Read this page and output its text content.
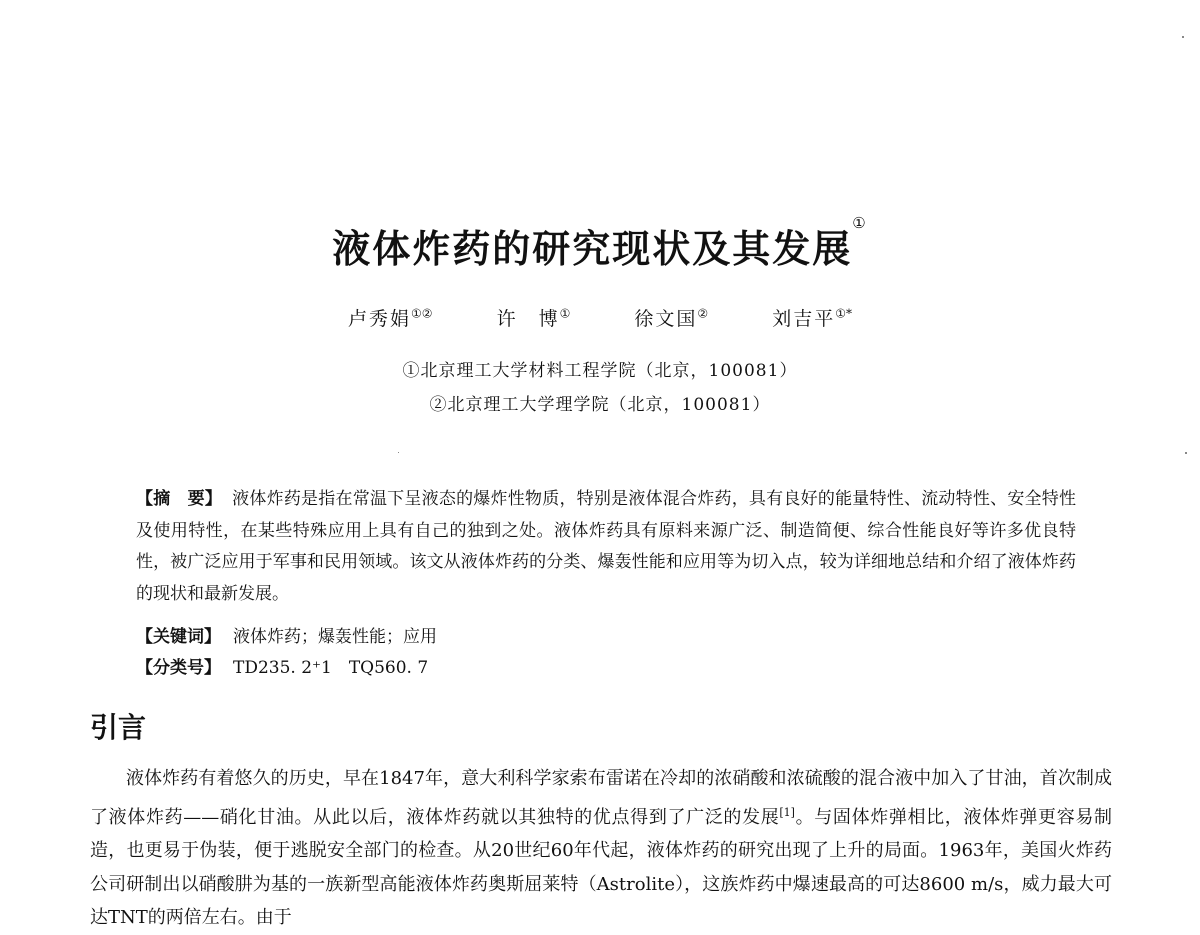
液体炸药的研究现状及其发展①
卢秀娟①②	许　博①	徐文国②	刘吉平①*
①北京理工大学材料工程学院（北京，100081）
②北京理工大学理学院（北京，100081）
【摘　要】 液体炸药是指在常温下呈液态的爆炸性物质，特别是液体混合炸药，具有良好的能量特性、流动特性、安全特性及使用特性，在某些特殊应用上具有自己的独到之处。液体炸药具有原料来源广泛、制造简便、综合性能良好等许多优良特性，被广泛应用于军事和民用领域。该文从液体炸药的分类、爆轰性能和应用等为切入点，较为详细地总结和介绍了液体炸药的现状和最新发展。
【关键词】 液体炸药；爆轰性能；应用
【分类号】 TD235. 2⁺1　TQ560. 7
引言
液体炸药有着悠久的历史，早在1847年，意大利科学家索布雷诺在冷却的浓硝酸和浓硫酸的混合液中加入了甘油，首次制成了液体炸药——硝化甘油。从此以后，液体炸药就以其独特的优点得到了广泛的发展[1]。与固体炸弹相比，液体炸弹更容易制造，也更易于伪装，便于逃脱安全部门的检查。从20世纪60年代起，液体炸药的研究出现了上升的局面。1963年，美国火炸药公司研制出以硝酸肼为基的一族新型高能液体炸药奥斯屈莱特（Astrolite），这族炸药中爆速最高的可达8600 m/s，威力最大可达TNT的两倍左右。由于
